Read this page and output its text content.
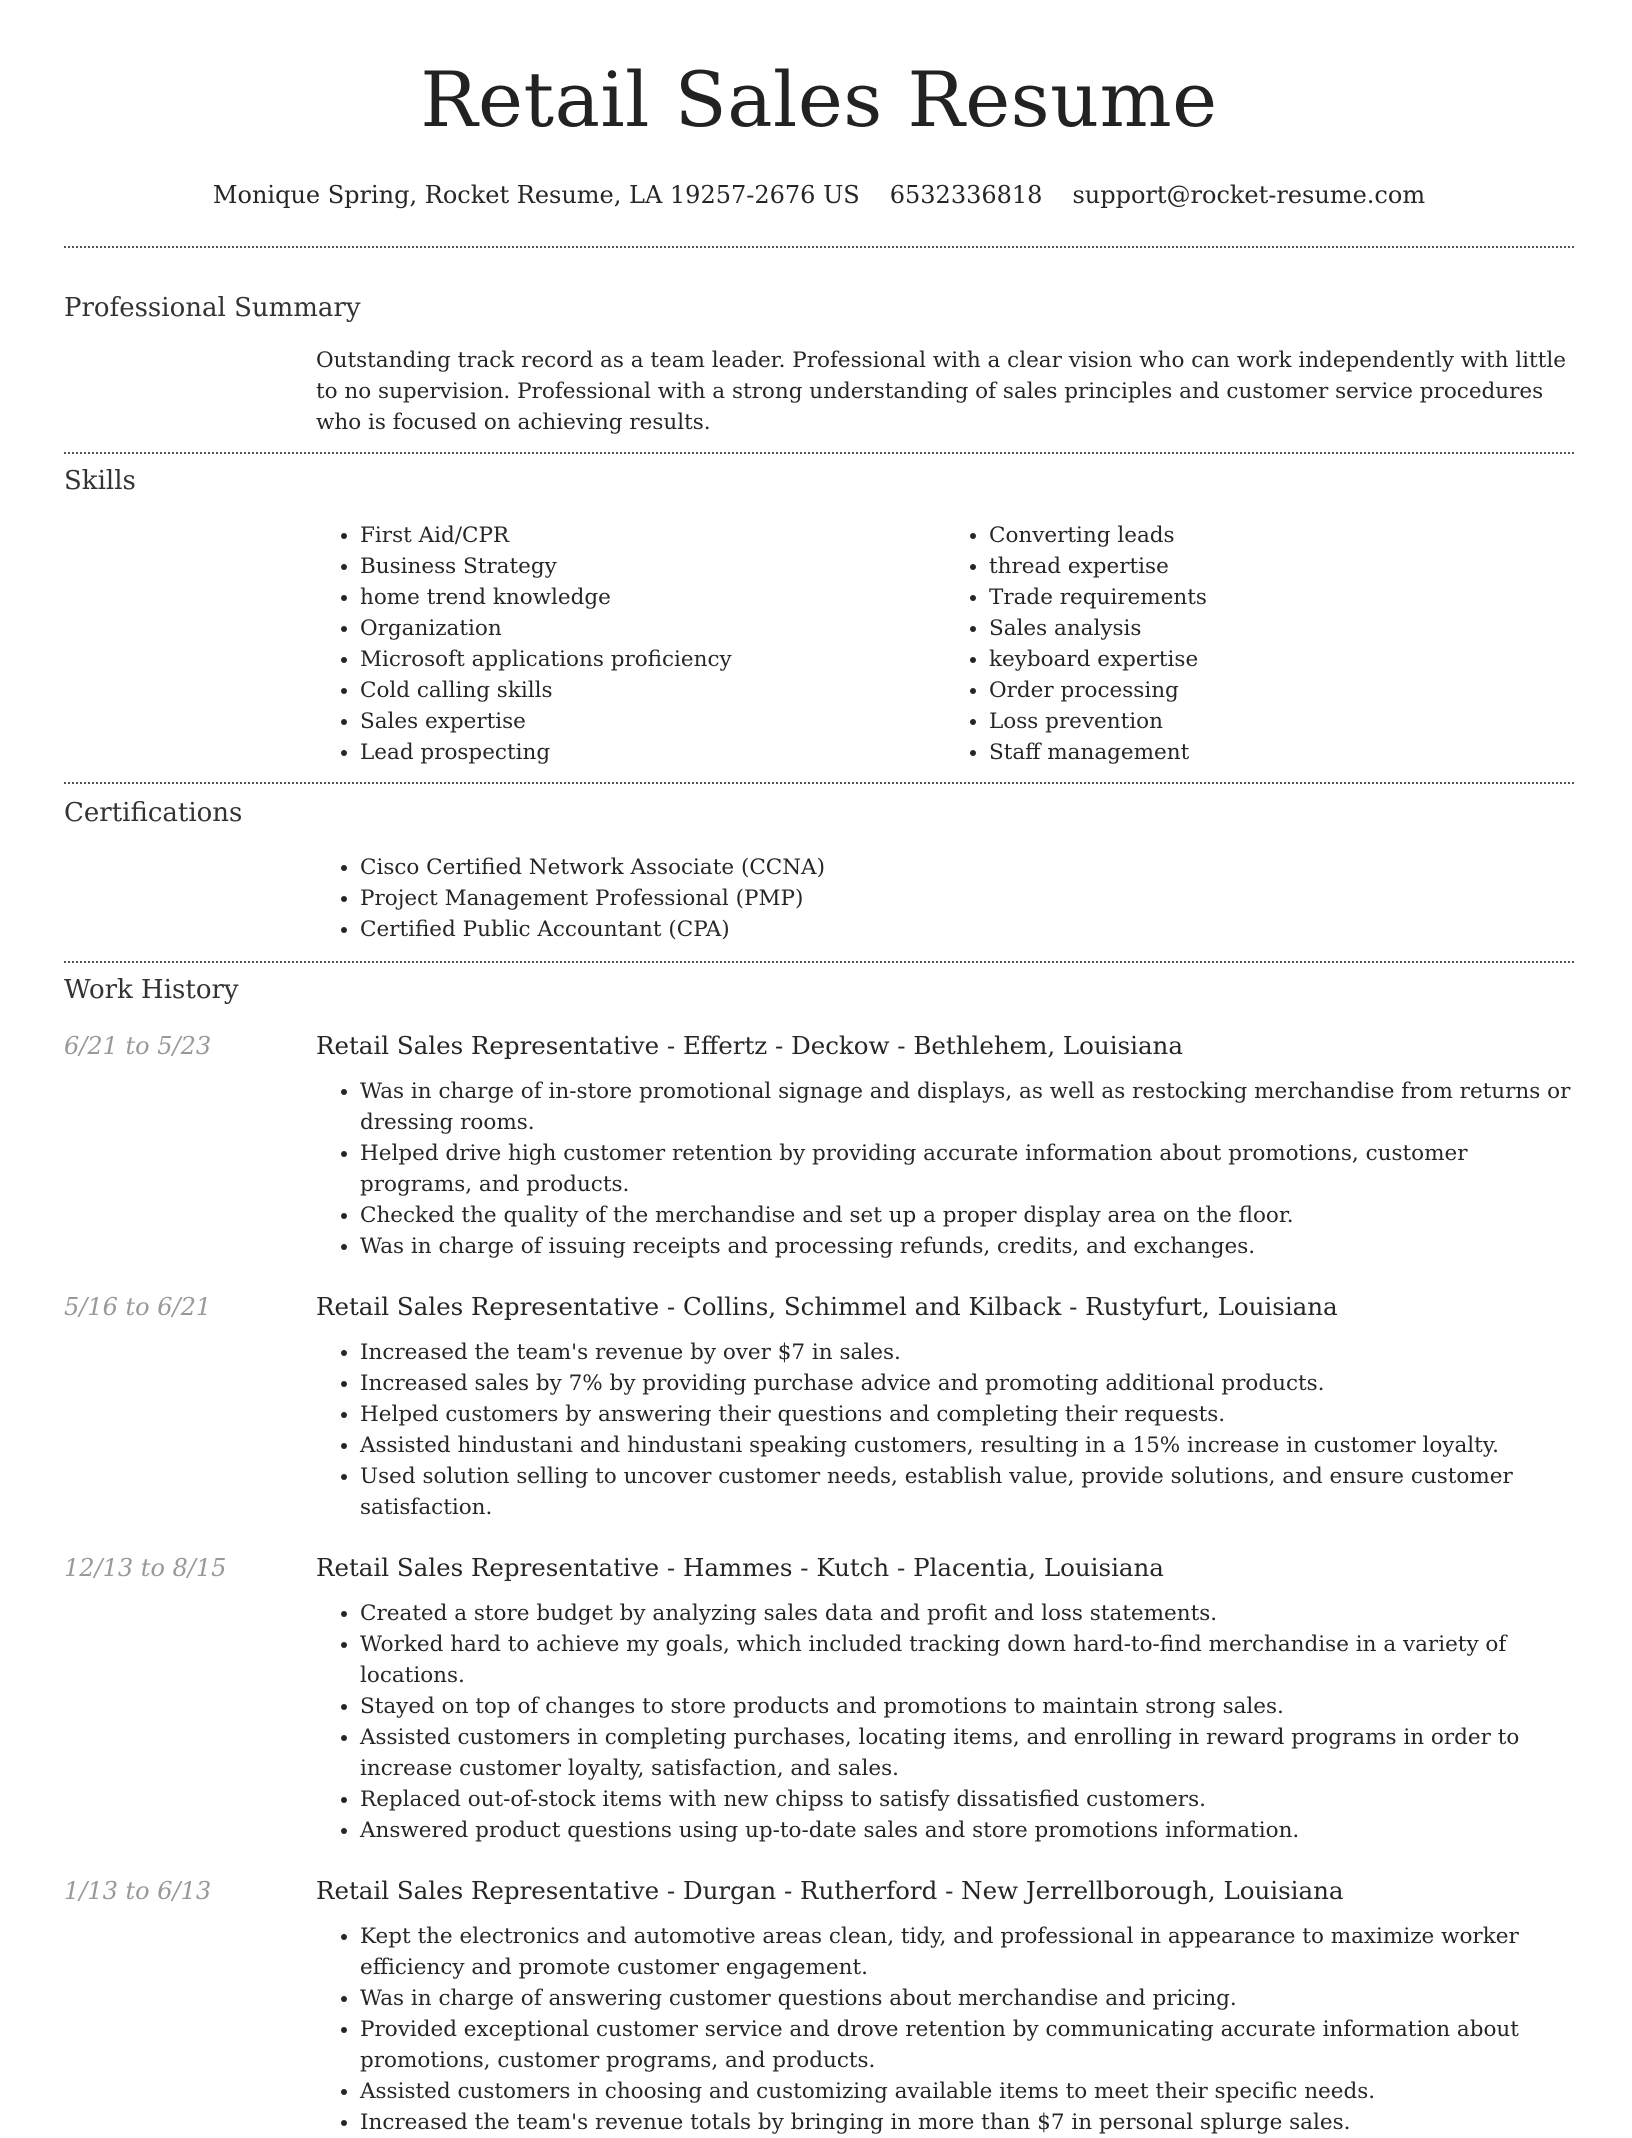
Retail Sales Resume
Monique Spring, Rocket Resume, LA 19257-2676 US 6532336818 support@rocket-resume.com
Professional Summary
Outstanding track record as a team leader. Professional with a clear vision who can work independently with little to no supervision. Professional with a strong understanding of sales principles and customer service procedures who is focused on achieving results.
Skills
• First Aid/CPR
• Business Strategy
• home trend knowledge
• Organization
• Microsoft applications proficiency
• Cold calling skills
• Sales expertise
• Lead prospecting
• Converting leads
• thread expertise
• Trade requirements
• Sales analysis
• keyboard expertise
• Order processing
• Loss prevention
• Staff management
Certifications
• Cisco Certified Network Associate (CCNA)
• Project Management Professional (PMP)
• Certified Public Accountant (CPA)
Work History
6/21 to 5/23	Retail Sales Representative - Effertz - Deckow - Bethlehem, Louisiana
• Was in charge of in-store promotional signage and displays, as well as restocking merchandise from returns or dressing rooms.
• Helped drive high customer retention by providing accurate information about promotions, customer programs, and products.
• Checked the quality of the merchandise and set up a proper display area on the floor.
• Was in charge of issuing receipts and processing refunds, credits, and exchanges.
5/16 to 6/21	Retail Sales Representative - Collins, Schimmel and Kilback - Rustyfurt, Louisiana
• Increased the team's revenue by over $7 in sales.
• Increased sales by 7% by providing purchase advice and promoting additional products.
• Helped customers by answering their questions and completing their requests.
• Assisted hindustani and hindustani speaking customers, resulting in a 15% increase in customer loyalty.
• Used solution selling to uncover customer needs, establish value, provide solutions, and ensure customer satisfaction.
12/13 to 8/15	Retail Sales Representative - Hammes - Kutch - Placentia, Louisiana
• Created a store budget by analyzing sales data and profit and loss statements.
• Worked hard to achieve my goals, which included tracking down hard-to-find merchandise in a variety of locations.
• Stayed on top of changes to store products and promotions to maintain strong sales.
• Assisted customers in completing purchases, locating items, and enrolling in reward programs in order to increase customer loyalty, satisfaction, and sales.
• Replaced out-of-stock items with new chipss to satisfy dissatisfied customers.
• Answered product questions using up-to-date sales and store promotions information.
1/13 to 6/13	Retail Sales Representative - Durgan - Rutherford - New Jerrellborough, Louisiana
• Kept the electronics and automotive areas clean, tidy, and professional in appearance to maximize worker efficiency and promote customer engagement.
• Was in charge of answering customer questions about merchandise and pricing.
• Provided exceptional customer service and drove retention by communicating accurate information about promotions, customer programs, and products.
• Assisted customers in choosing and customizing available items to meet their specific needs.
• Increased the team's revenue totals by bringing in more than $7 in personal splurge sales.
